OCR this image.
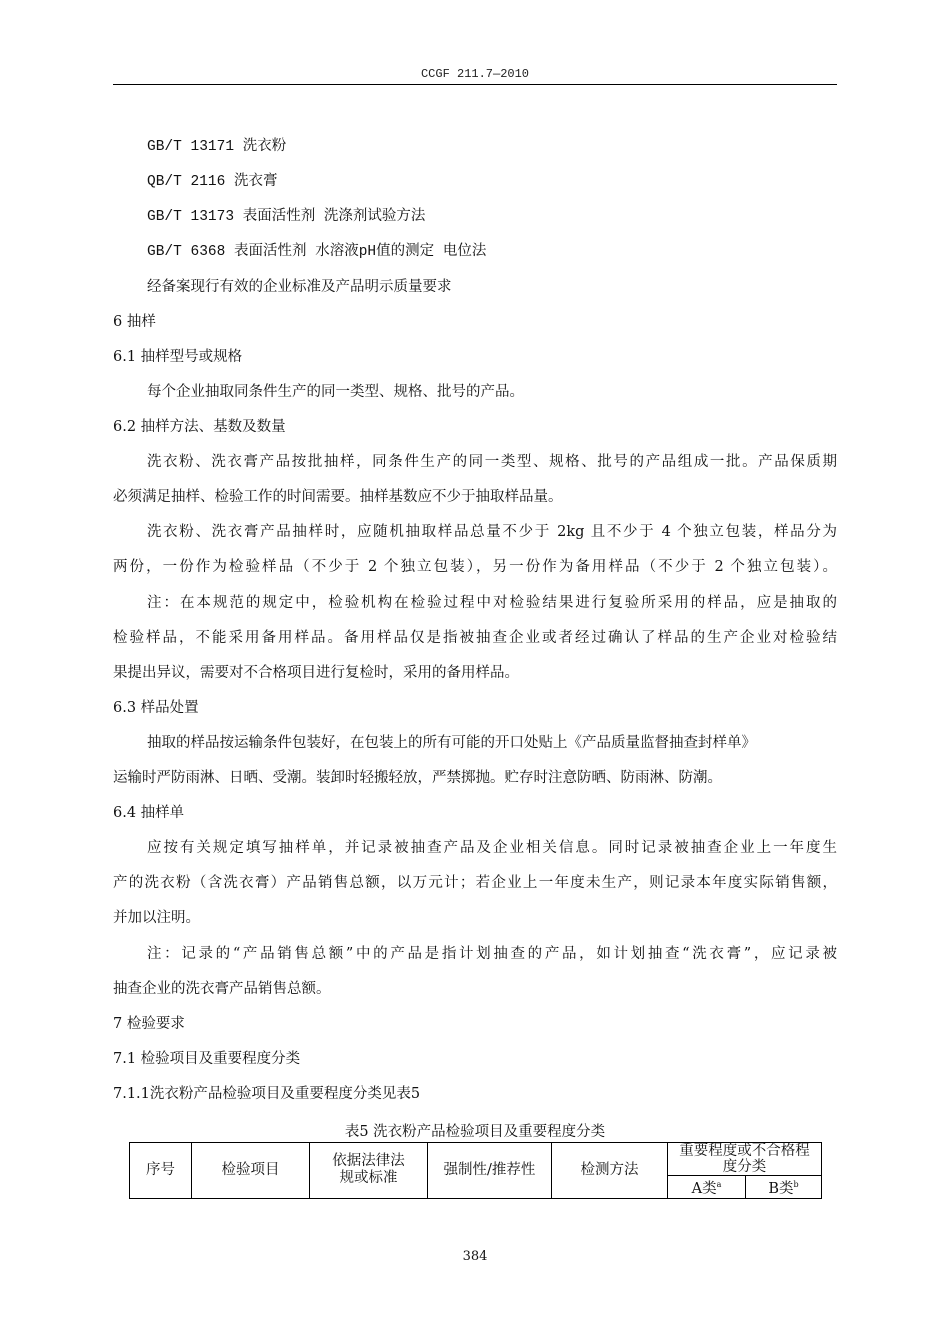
CCGF 211.7—2010
GB/T 13171 洗衣粉
QB/T 2116 洗衣膏
GB/T 13173 表面活性剂 洗涤剂试验方法
GB/T 6368 表面活性剂 水溶液pH值的测定 电位法
经备案现行有效的企业标准及产品明示质量要求
6 抽样
6.1 抽样型号或规格
每个企业抽取同条件生产的同一类型、规格、批号的产品。
6.2 抽样方法、基数及数量
洗衣粉、洗衣膏产品按批抽样，同条件生产的同一类型、规格、批号的产品组成一批。产品保质期
必须满足抽样、检验工作的时间需要。抽样基数应不少于抽取样品量。
洗衣粉、洗衣膏产品抽样时，应随机抽取样品总量不少于 2kg 且不少于 4 个独立包装，样品分为
两份，一份作为检验样品（不少于 2 个独立包装），另一份作为备用样品（不少于 2 个独立包装）。
注：在本规范的规定中，检验机构在检验过程中对检验结果进行复验所采用的样品，应是抽取的
检验样品，不能采用备用样品。备用样品仅是指被抽查企业或者经过确认了样品的生产企业对检验结
果提出异议，需要对不合格项目进行复检时，采用的备用样品。
6.3 样品处置
抽取的样品按运输条件包装好，在包装上的所有可能的开口处贴上《产品质量监督抽查封样单》
运输时严防雨淋、日晒、受潮。装卸时轻搬轻放，严禁掷抛。贮存时注意防晒、防雨淋、防潮。
6.4 抽样单
应按有关规定填写抽样单，并记录被抽查产品及企业相关信息。同时记录被抽查企业上一年度生
产的洗衣粉（含洗衣膏）产品销售总额，以万元计；若企业上一年度未生产，则记录本年度实际销售额，
并加以注明。
注：记录的“产品销售总额”中的产品是指计划抽查的产品，如计划抽查“洗衣膏”，应记录被
抽查企业的洗衣膏产品销售总额。
7 检验要求
7.1 检验项目及重要程度分类
7.1.1洗衣粉产品检验项目及重要程度分类见表5
表5 洗衣粉产品检验项目及重要程度分类
序号	检验项目	依据法律法规或标准	强制性/推荐性	检测方法	重要程度或不合格程度分类	

					A类$^a$	B类$^b$
384
